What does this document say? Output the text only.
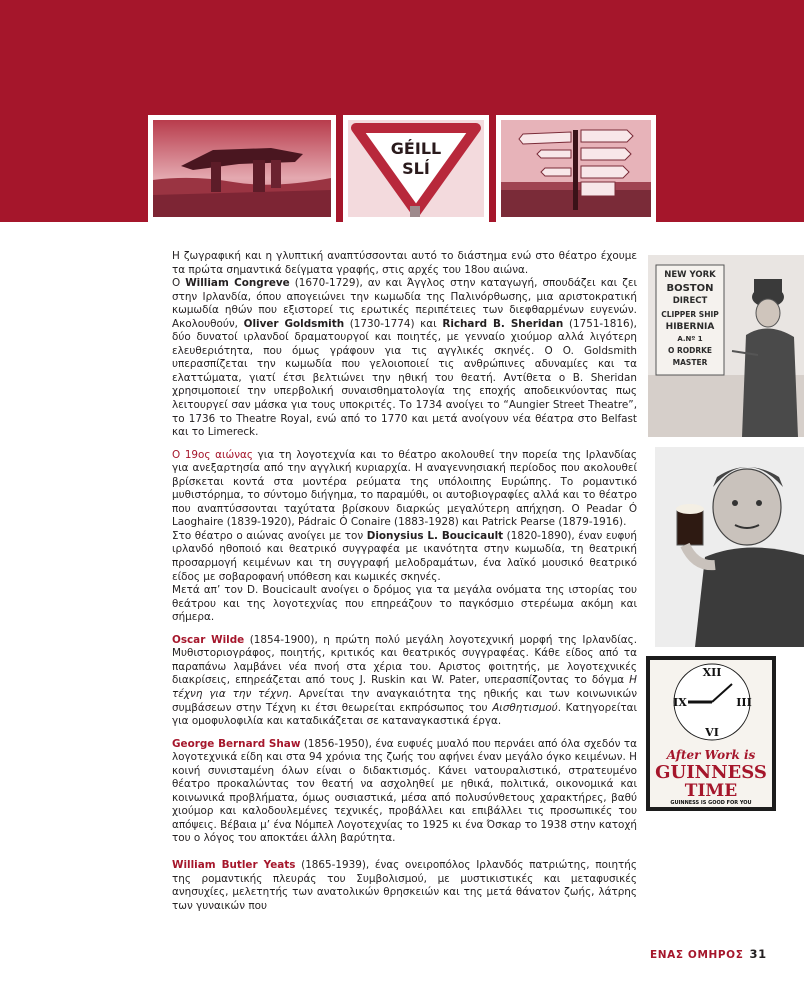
GÉILL
SLÍ
NEW YORK
BOSTON
DIRECT
CLIPPER SHIP
HIBERNIA
A.Nº 1
O RODRKE
MASTER
XII
III
VI
IX
After Work is
GUINNESS
TIME
GUINNESS IS GOOD FOR YOU

Η ζωγραφική και η γλυπτική αναπτύσσονται αυτό το διάστημα ενώ στο θέατρο έχουμε τα πρώτα σημαντικά δείγματα γραφής, στις αρχές του 18ου αιώνα.
O William Congreve (1670-1729), αν και Άγγλος στην καταγωγή, σπουδάζει και ζει στην Ιρλανδία, όπου απογειώνει την κωμωδία της Παλινόρθωσης, μια αριστοκρατική κωμωδία ηθών που εξιστορεί τις ερωτικές περιπέτειες των διεφθαρμένων ευγενών. Ακολουθούν, Oliver Goldsmith (1730-1774) και Richard B. Sheridan (1751-1816), δύο δυνατοί ιρλανδοί δραματουργοί και ποιητές, με γενναίο χιούμορ αλλά λιγότερη ελευθεριότητα, που όμως γράφουν για τις αγγλικές σκηνές. Ο O. Goldsmith υπερασπίζεται την κωμωδία που γελοιοποιεί τις ανθρώπινες αδυναμίες και τα ελαττώματα, γιατί έτσι βελτιώνει την ηθική του θεατή. Αντίθετα ο B. Sheridan χρησιμοποιεί την υπερβολική συναισθηματολογία της εποχής αποδεικνύοντας πως λειτουργεί σαν μάσκα για τους υποκριτές. Το 1734 ανοίγει το “Aungier Street Theatre”, το 1736 το Theatre Royal, ενώ από το 1770 και μετά ανοίγουν νέα θέατρα στο Belfast και το Limereck.

Ο 19ος αιώνας για τη λογοτεχνία και το θέατρο ακολουθεί την πορεία της Ιρλανδίας για ανεξαρτησία από την αγγλική κυριαρχία. Η αναγεννησιακή περίοδος που ακολουθεί βρίσκεται κοντά στα μοντέρα ρεύματα της υπόλοιπης Ευρώπης. Το ρομαντικό μυθιστόρημα, το σύντομο διήγημα, το παραμύθι, οι αυτοβιογραφίες αλλά και το θέατρο που αναπτύσσονται ταχύτατα βρίσκουν διαρκώς μεγαλύτερη απήχηση. Ο Peadar Ó Laoghaire (1839-1920), Pádraic Ó Conaire (1883-1928) και Patrick Pearse (1879-1916).
Στο θέατρο ο αιώνας ανοίγει με τον Dionysius L. Boucicault (1820-1890), έναν ευφυή ιρλανδό ηθοποιό και θεατρικό συγγραφέα με ικανότητα στην κωμωδία, τη θεατρική προσαρμογή κειμένων και τη συγγραφή μελοδραμάτων, ένα λαϊκό μουσικό θεατρικό είδος με σοβαροφανή υπόθεση και κωμικές σκηνές.
Μετά απ’ τον D. Boucicault ανοίγει ο δρόμος για τα μεγάλα ονόματα της ιστορίας του θεάτρου και της λογοτεχνίας που επηρεάζουν το παγκόσμιο στερέωμα ακόμη και σήμερα.

Oscar Wilde (1854-1900), η πρώτη πολύ μεγάλη λογοτεχνική μορφή της Ιρλανδίας. Μυθιστοριογράφος, ποιητής, κριτικός και θεατρικός συγγραφέας. Κάθε είδος από τα παραπάνω λαμβάνει νέα πνοή στα χέρια του. Αριστος φοιτητής, με λογοτεχνικές διακρίσεις, επηρεάζεται από τους J. Ruskin και W. Pater, υπερασπίζοντας το δόγμα Η τέχνη για την τέχνη. Αρνείται την αναγκαιότητα της ηθικής και των κοινωνικών συμβάσεων στην Τέχνη κι έτσι θεωρείται εκπρόσωπος του Αισθητισμού. Κατηγορείται για ομοφυλοφιλία και καταδικάζεται σε καταναγκαστικά έργα.

George Bernard Shaw (1856-1950), ένα ευφυές μυαλό που περνάει από όλα σχεδόν τα λογοτεχνικά είδη και στα 94 χρόνια της ζωής του αφήνει έναν μεγάλο όγκο κειμένων. Η κοινή συνισταμένη όλων είναι ο διδακτισμός. Κάνει νατουραλιστικό, στρατευμένο θέατρο προκαλώντας τον θεατή να ασχοληθεί με ηθικά, πολιτικά, οικονομικά και κοινωνικά προβλήματα, όμως ουσιαστικά, μέσα από πολυσύνθετους χαρακτήρες, βαθύ χιούμορ και καλοδουλεμένες τεχνικές, προβάλλει και επιβάλλει τις προσωπικές του απόψεις. Βέβαια μ’ ένα Νόμπελ Λογοτεχνίας το 1925 κι ένα Όσκαρ το 1938 στην κατοχή του ο λόγος του αποκτάει άλλη βαρύτητα.

William Butler Yeats (1865-1939), ένας ονειροπόλος Ιρλανδός πατριώτης, ποιητής της ρομαντικής πλευράς του Συμβολισμού, με μυστικιστικές και μεταφυσικές ανησυχίες, μελετητής των ανατολικών θρησκειών και της μετά θάνατον ζωής, λάτρης των γυναικών που

ΕΝΑΣ ΟΜΗΡΟΣ 31
